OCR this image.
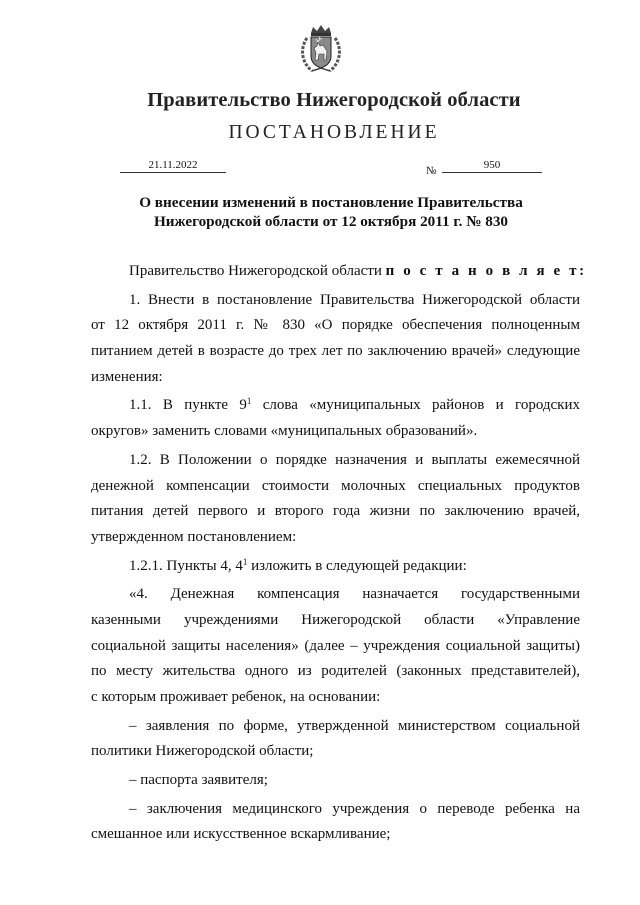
Правительство Нижегородской области
ПОСТАНОВЛЕНИЕ
21.11.2022	№	950
О внесении изменений в постановление Правительства
Нижегородской области от 12 октября 2011 г. № 830
Правительство Нижегородской области п о с т а н о в л я е т:
1. Внести в постановление Правительства Нижегородской области
от 12 октября 2011 г. № 830 «О порядке обеспечения полноценным
питанием детей в возрасте до трех лет по заключению врачей» следующие
изменения:
1.1. В пункте $9^1$ слова «муниципальных районов и городских
округов» заменить словами «муниципальных образований».
1.2. В Положении о порядке назначения и выплаты ежемесячной
денежной компенсации стоимости молочных специальных продуктов
питания детей первого и второго года жизни по заключению врачей,
утвержденном постановлением:
1.2.1. Пункты 4, $4^1$ изложить в следующей редакции:
«4. Денежная компенсация назначается государственными
казенными учреждениями Нижегородской области «Управление
социальной защиты населения» (далее – учреждения социальной защиты)
по месту жительства одного из родителей (законных представителей),
с которым проживает ребенок, на основании:
– заявления по форме, утвержденной министерством социальной
политики Нижегородской области;
– паспорта заявителя;
– заключения медицинского учреждения о переводе ребенка на
смешанное или искусственное вскармливание;
